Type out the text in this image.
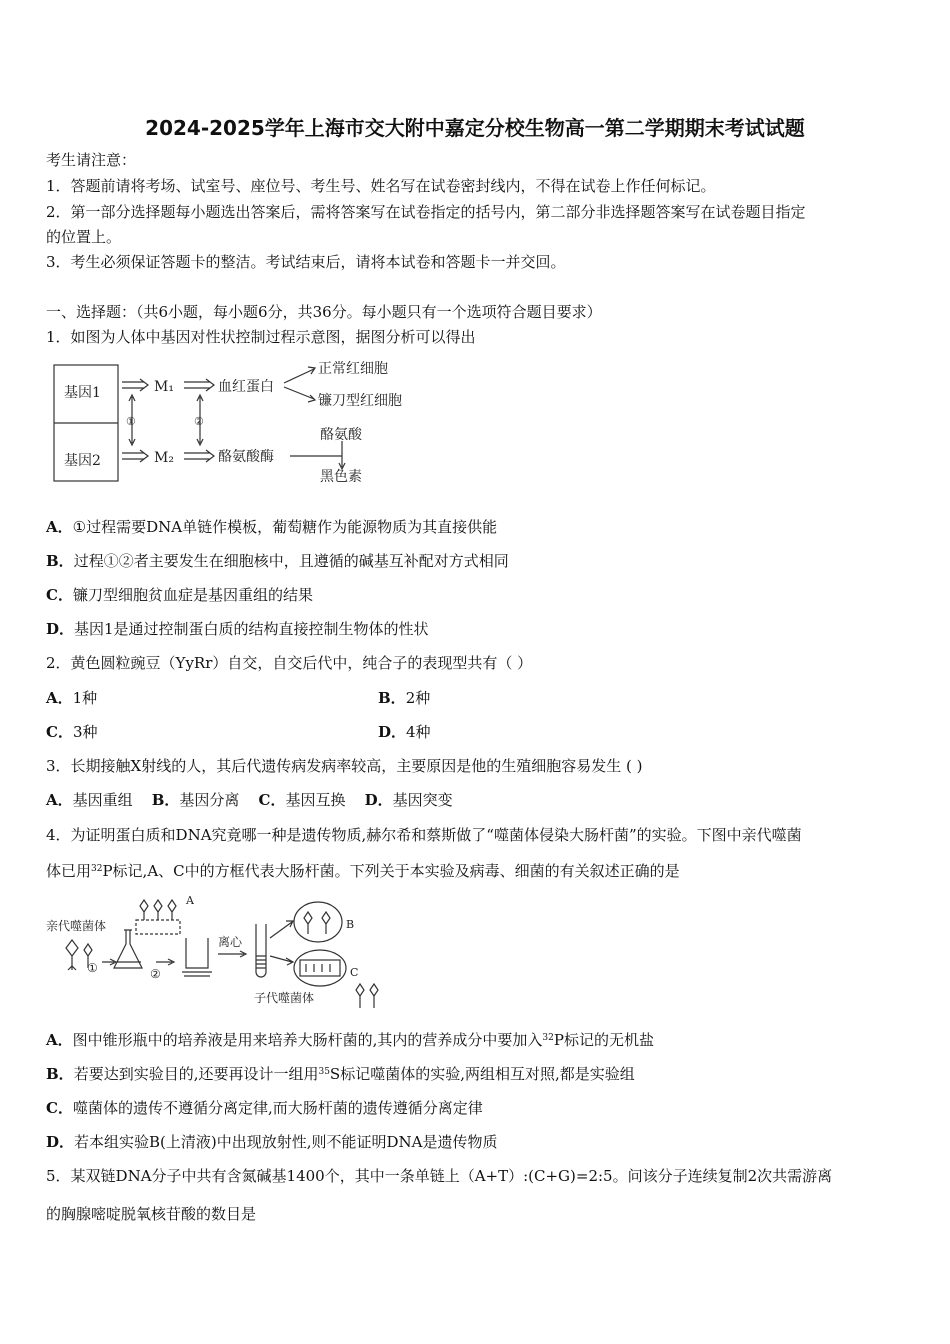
2024-2025学年上海市交大附中嘉定分校生物高一第二学期期末考试试题
考生请注意：
1．答题前请将考场、试室号、座位号、考生号、姓名写在试卷密封线内，不得在试卷上作任何标记。
2．第一部分选择题每小题选出答案后，需将答案写在试卷指定的括号内，第二部分非选择题答案写在试卷题目指定
的位置上。
3．考生必须保证答题卡的整洁。考试结束后，请将本试卷和答题卡一并交回。
一、选择题：（共6小题，每小题6分，共36分。每小题只有一个选项符合题目要求）
1．如图为人体中基因对性状控制过程示意图，据图分析可以得出
基因1
基因2
M₁
M₂
①	②
血红蛋白
正常红细胞
镰刀型红细胞
酪氨酸酶
酪氨酸
黑色素
A．①过程需要DNA单链作模板，葡萄糖作为能源物质为其直接供能
B．过程①②者主要发生在细胞核中，且遵循的碱基互补配对方式相同
C．镰刀型细胞贫血症是基因重组的结果
D．基因1是通过控制蛋白质的结构直接控制生物体的性状
2．黄色圆粒豌豆（YyRr）自交，自交后代中，纯合子的表现型共有（ ）
A．1种	B．2种
C．3种	D．4种
3．长期接触X射线的人，其后代遗传病发病率较高，主要原因是他的生殖细胞容易发生 ( )
A．基因重组 B．基因分离 C．基因互换 D．基因突变
4．为证明蛋白质和DNA究竟哪一种是遗传物质,赫尔希和蔡斯做了“噬菌体侵染大肠杆菌”的实验。下图中亲代噬菌
体已用$^{32}$P标记,A、C中的方框代表大肠杆菌。下列关于本实验及病毒、细菌的有关叙述正确的是
亲代噬菌体
①	②
A
离心
B
C
子代噬菌体
A．图中锥形瓶中的培养液是用来培养大肠杆菌的,其内的营养成分中要加入$^{32}$P标记的无机盐
B．若要达到实验目的,还要再设计一组用$^{35}$S标记噬菌体的实验,两组相互对照,都是实验组
C．噬菌体的遗传不遵循分离定律,而大肠杆菌的遗传遵循分离定律
D．若本组实验B(上清液)中出现放射性,则不能证明DNA是遗传物质
5．某双链DNA分子中共有含氮碱基1400个，其中一条单链上（A+T）:(C+G)=2:5。问该分子连续复制2次共需游离
的胸腺嘧啶脱氧核苷酸的数目是
